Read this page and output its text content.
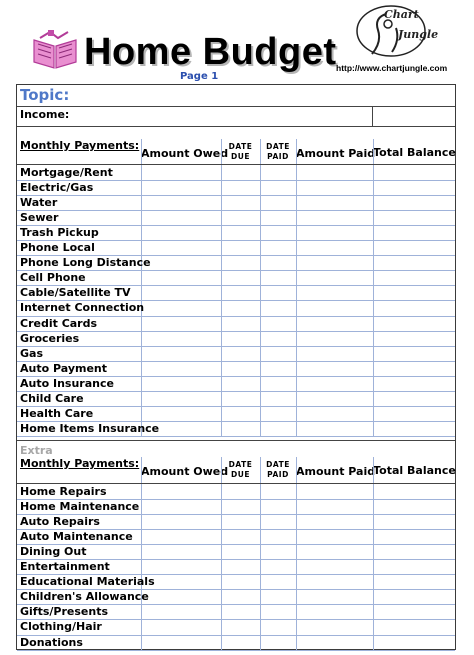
Home Budget
Page 1
Chart
Jungle
http://www.chartjungle.com
Topic:
Income:
Monthly Payments:
Amount Owed
DATE
DUE
DATE
PAID Amount Paid
Total Balance
Mortgage/Rent
Electric/Gas
Water
Sewer
Trash Pickup
Phone Local
Phone Long Distance
Cell Phone
Cable/Satellite TV
Internet Connection
Credit Cards
Groceries
Gas
Auto Payment
Auto Insurance
Child Care
Health Care
Home Items Insurance
Extra
Monthly Payments:
Amount Owed
DATE
DUE
DATE
PAID Amount Paid
Total Balance
Home Repairs
Home Maintenance
Auto Repairs
Auto Maintenance
Dining Out
Entertainment
Educational Materials
Children's Allowance
Gifts/Presents
Clothing/Hair
Donations
